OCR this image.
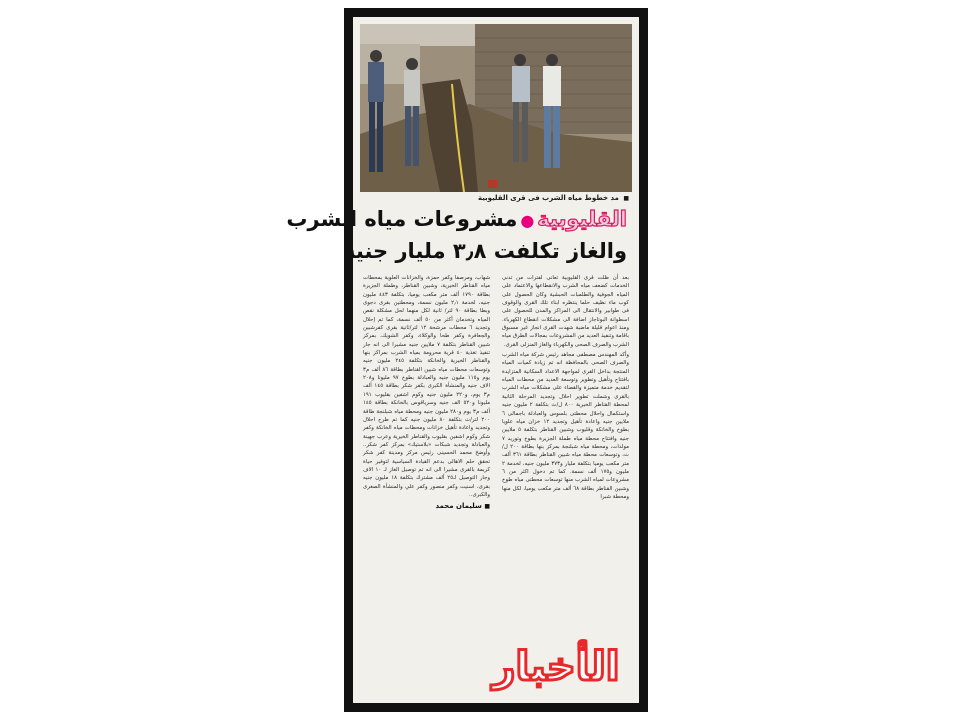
■ مد خطوط مياه الشرب فى قرى القليوبية
القليوبية●مشروعات مياه الشرب
والغاز تكلفت ٣٫٨ مليار جنيه

بعد أن ظلت قرى القليوبية تعانى لفترات من تدنى الخدمات كضعف مياه الشرب والانقطاعها والاعتماد على المياه الجوفية والطلمبات الحبشية وكان الحصول على كوب ماء نظيف حلما ينتظره ابناء تلك القرى والوقوف فى طوابير والانتقال الى المراكز والمدن للحصول على اسطوانة البوتاجاز اضافة الى مشكلات انقطاع الكهرباء. ومنذ اعوام قليلة ماضية شهدت القرى انجاز غير مسبوق باقامة وتنفيذ العديد من المشروعات بمجالات الطرق مياه الشرب والصرف الصحى والكهرباء والغاز المنزلى القرى.

وأكد المهندس مصطفى مجاهد رئيس شركة مياه الشرب والصرف الصحى بالمحافظة انه تم زيادة كميات المياه المنتجة بداخل القرى لمواجهة الاعداد السكانية المتزايدة بافتتاح وتأهيل وتطوير وتوسعة العديد من محطات المياه لتقديم خدمة متميزة والقضاء على مشكلات مياه الشرب بالقرى وشملت تطوير احلال وتجديد المرحلة الثانية لمحطة القناطر الخيرية ٨٠٠ ل/ث بتكلفة ٢ مليون جنيه واستكمال واحلال محطتى بلسوس والعبادلة باجمالى ٦ ملايين جنيه واعادة تأهيل وتجديد ١٢ خزان مياه علويا بطوخ والخانكة وقليوب وشبين القناطر بتكلفة ٥ ملايين جنيه وافتتاح محطة مياه طملة الجزيرة بطوخ وتوريد ٧ مولدات، ومحطة مياه شبلنجة بمركز بنها بطاقة ٢٠٠ ل/ث، وتوسعات محطة مياه شبين القناطر بطاقة ٣٦١ ألف متر مكعب يوميا بتكلفة مليار و٣٧٣ مليون جنيه، لخدمة ٢ مليون و١٧٥ ألف نسمة. كما تم دخول اكثر من ٦ مشروعات لمياه الشرب منها توسعات محطتى مياه طوخ وشبين القناطر بطاقة ٦٨ ألف متر مكعب يوميا، لكل منها ومحطة شبرا

شهاب، ومرصفا وكفر حمزة، والخزانات العلوية بمحطات مياه القناطر الخيرية، وشبين القناطر، وطملة الجزيرة بطاقة ١٧٩٠ ألف متر مكعب يوميا، بتكلفة ٤٤٣ مليون جنيه، لخدمة ٢٫١ مليون نسمة، ومحطتين بقرى دجوى وبطا بطاقة ٩٠ لتر/ ثانية لكل منهما لحل مشكلة نقص المياه وتخدمان أكثر من ٥٠ ألف نسمة، كما تم إحلال وتجديد ٦ محطات مرشحة ١٢ لتر/ثانية بقرى كفرشبين والجعافرة وكفر طحا والوكلاء، وكفر الشويك، بمركز شبين القناطر بتكلفة ٧ ملايين جنيه مشيرا الى انه جار تنفيذ تغذية ٤٠ قرية محرومة بمياه الشرب بمراكز بنها والقناطر الخيرية والخانكة بتكلفة ٢٤٥ مليون جنيه وتوسعات محطات مياه شبين القناطر بطاقة ٨٦ ألف م٣ يوم و١١٥ مليون جنيه والعبادلة بطوخ ٩٧ مليونا و٢٠٨ الاف جنيه والمنشأة الكبرى بكفر شكر بطاقة ١٤٥ ألف م٣ يوم، و٢٢٠ مليون جنيه وكوم اشفين بقليوب ١٩١ مليونا و٥٢٠ الف جنيه وسرياقوس بالخانكة بطاقة ١٤٥ ألف م٣ يوم و٢٨٠ مليون جنيه ومحطة مياه شبلنجة طاقة ٢٠٠ لتر/ث بتكلفة ٨٠ مليون جنيه كما تم طرح احلال وتجديد واعادة تأهيل خزانات ومحطات مياه الخانكة وكفر شكر وكوم اشفين بقليوب والقناطر الخيرية وعرب جهينة والعبادلة وتجديد شبكات «بلاستيك» بمركز كفر شكر.. وأوضح محمد الحسينى رئيس مركز ومدينة كفر شكر تحقق حلم الاهالى بدعم القيادة السياسية لتوفير حياة كريمة بالقرى مشيرا الى انه تم توصيل الغاز لـ ١٠ الاف وجار التوصيل لـ٢٥ ألف مشترك بتكلفة ١٨ مليون جنيه بقرى، اسنيت وكفر منصور وكفر علي والمنشأة الصغرى والكبرى..

■ سليمان محمد
الأخبار
